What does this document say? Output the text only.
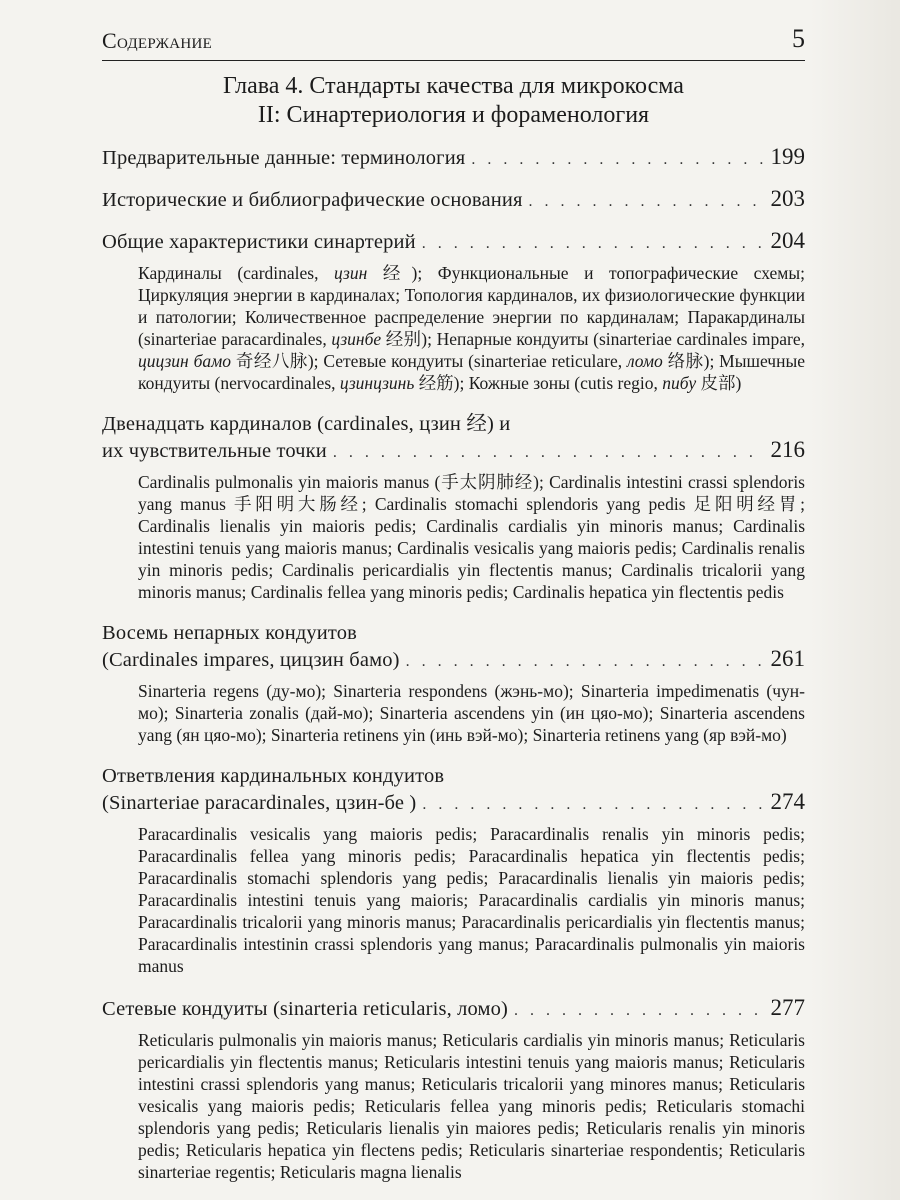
Содержание	5
Глава 4. Стандарты качества для микрокосма
II: Синартериология и фораменология
Предварительные данные: терминология . . .	199
Исторические и библиографические основания . . .	203
Общие характеристики синартерий . . .	204
Кардиналы (cardinales, цзин 经); Функциональные и топографические схемы; Циркуляция энергии в кардиналах; Топология кардиналов, их физиологические функции и патологии; Количественное распределение энергии по кардиналам; Паракардиналы (sinarteriae paracardinales, цзинбе 经别); Непарные кондуиты (sinarteriae cardinales impare, цицзин бамо 奇经八脉); Сетевые кондуиты (sinarteriae reticulare, ломо 络脉); Мышечные кондуиты (nervocardinales, цзинцзинь 经筋); Кожные зоны (cutis regio, пибу 皮部)
Двенадцать кардиналов (cardinales, цзин 经) и
их чувствительные точки . . .	216
Cardinalis pulmonalis yin maioris manus (手太阴肺经); Cardinalis intestini crassi splendoris yang manus 手阳明大肠经; Cardinalis stomachi splendoris yang pedis 足阳明经胃; Cardinalis lienalis yin maioris pedis; Cardinalis cardialis yin minoris manus; Cardinalis intestini tenuis yang maioris manus; Cardinalis vesicalis yang maioris pedis; Cardinalis renalis yin minoris pedis; Cardinalis pericardialis yin flectentis manus; Cardinalis tricalorii yang minoris manus; Cardinalis fellea yang minoris pedis; Cardinalis hepatica yin flectentis pedis
Восемь непарных кондуитов
(Cardinales impares, цицзин бамо) . . .	261
Sinarteria regens (ду-мо); Sinarteria respondens (жэнь-мо); Sinarteria impedimenatis (чун-мо); Sinarteria zonalis (дай-мо); Sinarteria ascendens yin (ин цяо-мо); Sinarteria ascendens yang (ян цяо-мо); Sinarteria retinens yin (инь вэй-мо); Sinarteria retinens yang (яр вэй-мо)
Ответвления кардинальных кондуитов
(Sinarteriae paracardinales, цзин-бе ) . . .	274
Paracardinalis vesicalis yang maioris pedis; Paracardinalis renalis yin minoris pedis; Paracardinalis fellea yang minoris pedis; Paracardinalis hepatica yin flectentis pedis; Paracardinalis stomachi splendoris yang pedis; Paracardinalis lienalis yin maioris pedis; Paracardinalis intestini tenuis yang maioris; Paracardinalis cardialis yin minoris manus; Paracardinalis tricalorii yang minoris manus; Paracardinalis pericardialis yin flectentis manus; Paracardinalis intestinin crassi splendoris yang manus; Paracardinalis pulmonalis yin maioris manus
Сетевые кондуиты (sinarteria reticularis, ломо) . . .	277
Reticularis pulmonalis yin maioris manus; Reticularis cardialis yin minoris manus; Reticularis pericardialis yin flectentis manus; Reticularis intestini tenuis yang maioris manus; Reticularis intestini crassi splendoris yang manus; Reticularis tricalorii yang minores manus; Reticularis vesicalis yang maioris pedis; Reticularis fellea yang minoris pedis; Reticularis stomachi splendoris yang pedis; Reticularis lienalis yin maiores pedis; Reticularis renalis yin minoris pedis; Reticularis hepatica yin flectens pedis; Reticularis sinarteriae respondentis; Reticularis sinarteriae regentis; Reticularis magna lienalis
